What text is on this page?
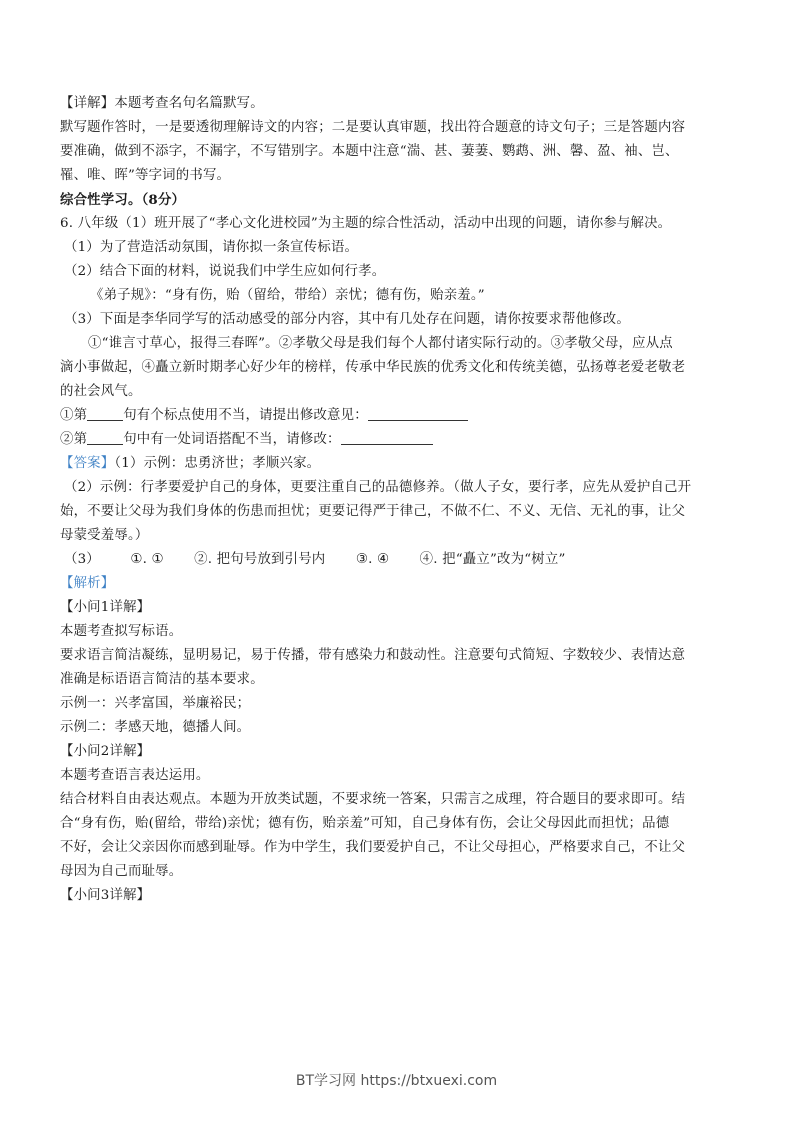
【详解】本题考查名句名篇默写。
默写题作答时，一是要透彻理解诗文的内容；二是要认真审题，找出符合题意的诗文句子；三是答题内容
要准确，做到不添字，不漏字，不写错别字。本题中注意“湍、甚、萋萋、鹦鹉、洲、馨、盈、袖、岂、
罹、唯、晖”等字词的书写。
综合性学习。（8分）
6. 八年级（1）班开展了“孝心文化进校园”为主题的综合性活动，活动中出现的问题，请你参与解决。
（1）为了营造活动氛围，请你拟一条宣传标语。
（2）结合下面的材料，说说我们中学生应如何行孝。
《弟子规》：“身有伤，贻（留给，带给）亲忧；德有伤，贻亲羞。”
（3）下面是李华同学写的活动感受的部分内容，其中有几处存在问题，请你按要求帮他修改。
①“谁言寸草心，报得三春晖”。②孝敬父母是我们每个人都付诸实际行动的。③孝敬父母，应从点
滴小事做起，④矗立新时期孝心好少年的榜样，传承中华民族的优秀文化和传统美德，弘扬尊老爱老敬老
的社会风气。
①第	句有个标点使用不当，请提出修改意见：
②第	句中有一处词语搭配不当，请修改：
【答案】（1）示例：忠勇济世；孝顺兴家。
（2）示例：行孝要爱护自己的身体，更要注重自己的品德修养。（做人子女，要行孝，应先从爱护自己开
始，不要让父母为我们身体的伤患而担忧；更要记得严于律己，不做不仁、不义、无信、无礼的事，让父
母蒙受羞辱。）
（3） ①. ① ②. 把句号放到引号内 ③. ④ ④. 把“矗立”改为“树立”
【解析】
【小问1详解】
本题考查拟写标语。
要求语言简洁凝练，显明易记，易于传播，带有感染力和鼓动性。注意要句式简短、字数较少、表情达意
准确是标语语言简洁的基本要求。
示例一：兴孝富国，举廉裕民；
示例二：孝感天地，德播人间。
【小问2详解】
本题考查语言表达运用。
结合材料自由表达观点。本题为开放类试题，不要求统一答案，只需言之成理，符合题目的要求即可。结
合“身有伤，贻(留给，带给)亲忧；德有伤，贻亲羞”可知，自己身体有伤，会让父母因此而担忧；品德
不好，会让父亲因你而感到耻辱。作为中学生，我们要爱护自己，不让父母担心，严格要求自己，不让父
母因为自己而耻辱。
【小问3详解】
BT学习网 https://btxuexi.com
